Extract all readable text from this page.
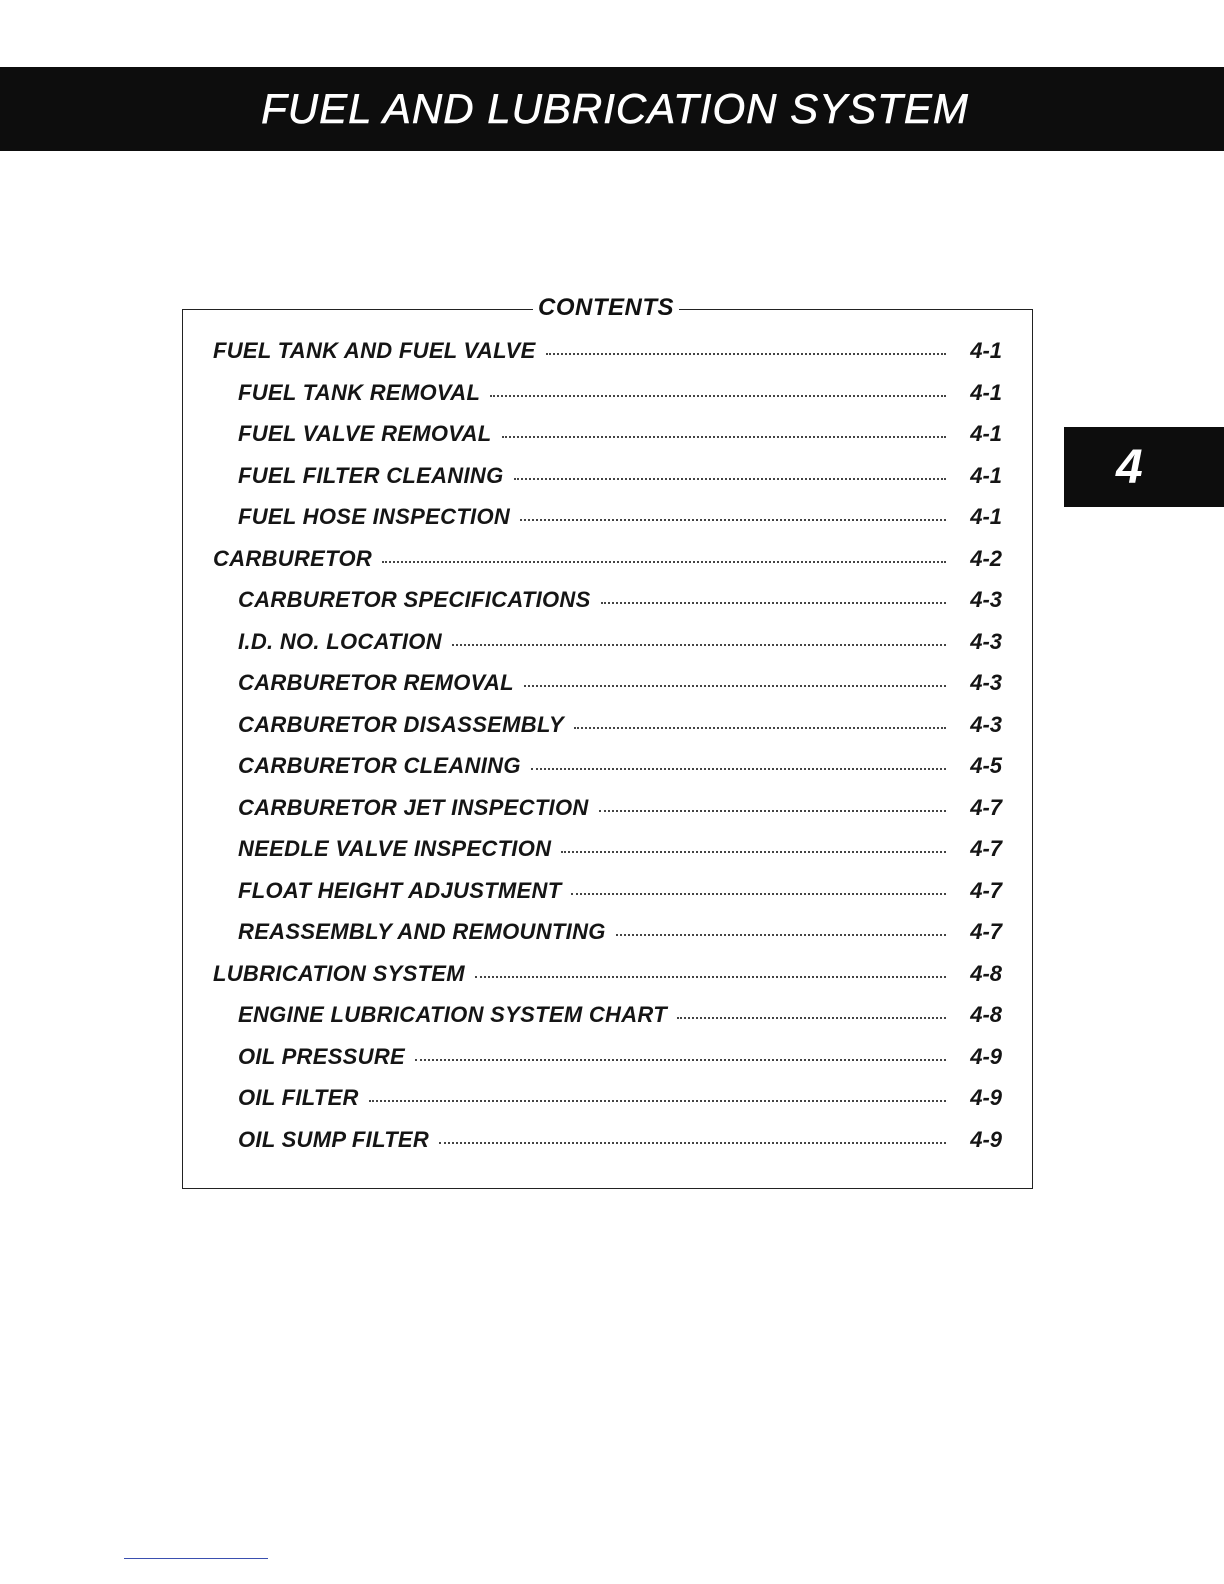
FUEL AND LUBRICATION SYSTEM
4
CONTENTS
FUEL TANK AND FUEL VALVE	4-1
FUEL TANK REMOVAL	4-1
FUEL VALVE REMOVAL	4-1
FUEL FILTER CLEANING	4-1
FUEL HOSE INSPECTION	4-1
CARBURETOR	4-2
CARBURETOR SPECIFICATIONS	4-3
I.D. NO. LOCATION	4-3
CARBURETOR REMOVAL	4-3
CARBURETOR DISASSEMBLY	4-3
CARBURETOR CLEANING	4-5
CARBURETOR JET INSPECTION	4-7
NEEDLE VALVE INSPECTION	4-7
FLOAT HEIGHT ADJUSTMENT	4-7
REASSEMBLY AND REMOUNTING	4-7
LUBRICATION SYSTEM	4-8
ENGINE LUBRICATION SYSTEM CHART	4-8
OIL PRESSURE	4-9
OIL FILTER	4-9
OIL SUMP FILTER	4-9
